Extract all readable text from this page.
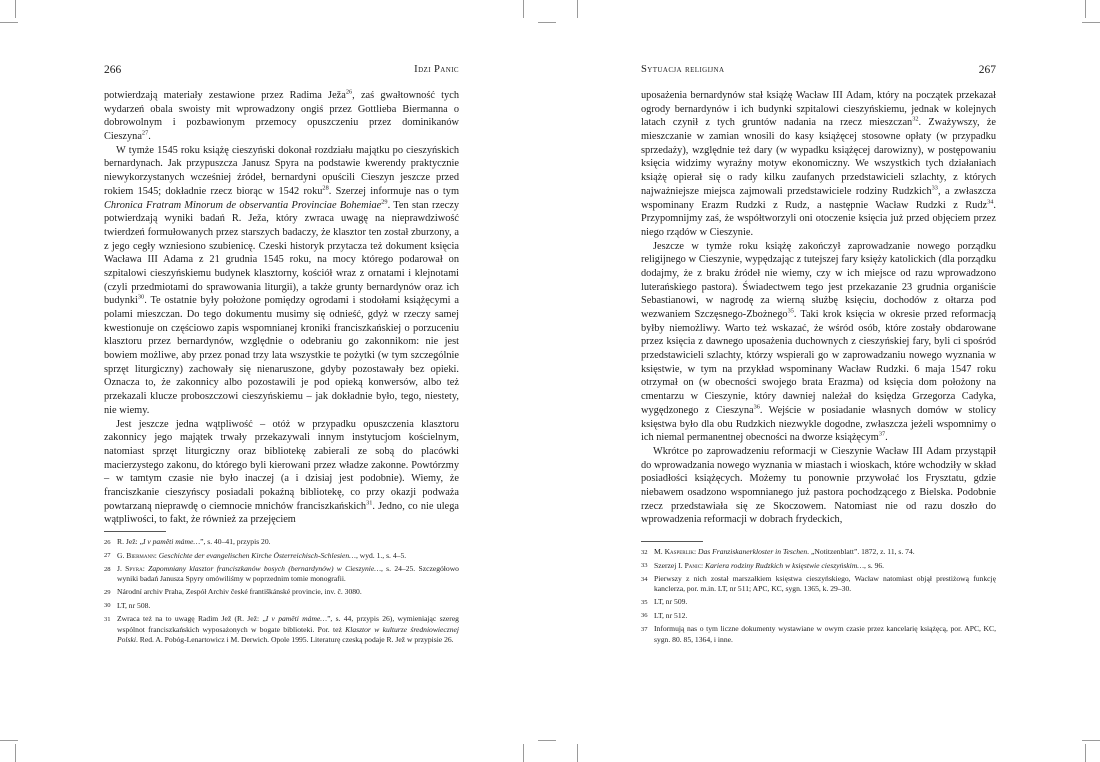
266	Idzi Panic

potwierdzają materiały zestawione przez Radima Ježa$^{26}$, zaś gwałtowność tych wydarzeń obala swoisty mit wprowadzony ongiś przez Gottlieba Biermanna o dobrowolnym i pozbawionym przemocy opuszczeniu przez dominikanów Cieszyna$^{27}$.

W tymże 1545 roku książę cieszyński dokonał rozdziału majątku po cieszyńskich bernardynach. Jak przypuszcza Janusz Spyra na podstawie kwerendy praktycznie niewykorzystanych wcześniej źródeł, bernardyni opuścili Cieszyn jeszcze przed rokiem 1545; dokładnie rzecz biorąc w 1542 roku$^{28}$. Szerzej informuje nas o tym Chronica Fratram Minorum de observantia Provinciae Bohemiae$^{29}$. Ten stan rzeczy potwierdzają wyniki badań R. Ježa, który zwraca uwagę na nieprawdziwość twierdzeń formułowanych przez starszych badaczy, że klasztor ten został zburzony, a z jego cegły wzniesiono szubienicę. Czeski historyk przytacza też dokument księcia Wacława III Adama z 21 grudnia 1545 roku, na mocy którego podarował on szpitalowi cieszyńskiemu budynek klasztorny, kościół wraz z ornatami i klejnotami (czyli przedmiotami do sprawowania liturgii), a także grunty bernardynów oraz ich budynki$^{30}$. Te ostatnie były położone pomiędzy ogrodami i stodołami książęcymi a polami mieszczan. Do tego dokumentu musimy się odnieść, gdyż w rzeczy samej kwestionuje on częściowo zapis wspomnianej kroniki franciszkańskiej o porzuceniu klasztoru przez bernardynów, względnie o odebraniu go zakonnikom: nie jest bowiem możliwe, aby przez ponad trzy lata wszystkie te pożytki (w tym szczególnie sprzęt liturgiczny) zachowały się nienaruszone, gdyby pozostawały bez opieki. Oznacza to, że zakonnicy albo pozostawili je pod opieką konwersów, albo też przekazali klucze proboszczowi cieszyńskiemu – jak dokładnie było, tego, niestety, nie wiemy.

Jest jeszcze jedna wątpliwość – otóż w przypadku opuszczenia klasztoru zakonnicy jego majątek trwały przekazywali innym instytucjom kościelnym, natomiast sprzęt liturgiczny oraz bibliotekę zabierali ze sobą do placówki macierzystego zakonu, do którego byli kierowani przez władze zakonne. Powtórzmy – w tamtym czasie nie było inaczej (a i dzisiaj jest podobnie). Wiemy, że franciszkanie cieszyńscy posiadali pokaźną bibliotekę, co przy okazji podważa powtarzaną nieprawdę o ciemnocie mnichów franciszkańskich$^{31}$. Jedno, co nie ulega wątpliwości, to fakt, że również za przejęciem

26 R. Jež: „I v paměti máme…”, s. 40–41, przypis 20.
27 G. Biermann: Geschichte der evangelischen Kirche Österreichisch-Schlesien…, wyd. 1., s. 4–5.
28 J. Spyra: Zapomniany klasztor franciszkanów bosych (bernardynów) w Cieszynie…, s. 24–25. Szczegółowo wyniki badań Janusza Spyry omówiliśmy w poprzednim tomie monografii.
29 Národní archiv Praha, Zespół Archiv české františkánské provincie, inv. č. 3080.
30 LT, nr 508.
31 Zwraca też na to uwagę Radim Jež (R. Jež: „I v paměti máme…”, s. 44, przypis 26), wymieniając szereg wspólnot franciszkańskich wyposażonych w bogate biblioteki. Por. też Klasztor w kulturze średniowiecznej Polski. Red. A. Pobóg-Lenartowicz i M. Derwich. Opole 1995. Literaturę czeską podaje R. Jež w przypisie 26.
Sytuacja religijna	267

uposażenia bernardynów stał książę Wacław III Adam, który na początek przekazał ogrody bernardynów i ich budynki szpitalowi cieszyńskiemu, jednak w kolejnych latach czynił z tych gruntów nadania na rzecz mieszczan$^{32}$. Zważywszy, że mieszczanie w zamian wnosili do kasy książęcej stosowne opłaty (w przypadku sprzedaży), względnie też dary (w wypadku książęcej darowizny), w postępowaniu księcia widzimy wyraźny motyw ekonomiczny. We wszystkich tych działaniach książę opierał się o rady kilku zaufanych przedstawicieli szlachty, z których najważniejsze miejsca zajmowali przedstawiciele rodziny Rudzkich$^{33}$, a zwłaszcza wspominany Erazm Rudzki z Rudz, a następnie Wacław Rudzki z Rudz$^{34}$. Przypomnijmy zaś, że współtworzyli oni otoczenie księcia już przed objęciem przez niego rządów w Cieszynie.

Jeszcze w tymże roku książę zakończył zaprowadzanie nowego porządku religijnego w Cieszynie, wypędzając z tutejszej fary księży katolickich (dla porządku dodajmy, że z braku źródeł nie wiemy, czy w ich miejsce od razu wprowadzono luterańskiego pastora). Świadectwem tego jest przekazanie 23 grudnia organiście Sebastianowi, w nagrodę za wierną służbę księciu, dochodów z ołtarza pod wezwaniem Szczęsnego-Zbożnego$^{35}$. Taki krok księcia w okresie przed reformacją byłby niemożliwy. Warto też wskazać, że wśród osób, które zostały obdarowane przez księcia z dawnego uposażenia duchownych z cieszyńskiej fary, byli ci spośród przedstawicieli szlachty, którzy wspierali go w zaprowadzaniu nowego wyznania w księstwie, w tym na przykład wspominany Wacław Rudzki. 6 maja 1547 roku otrzymał on (w obecności swojego brata Erazma) od księcia dom położony na cmentarzu w Cieszynie, który dawniej należał do księdza Grzegorza Cadyka, wygędzonego z Cieszyna$^{36}$. Wejście w posiadanie własnych domów w stolicy księstwa było dla obu Rudzkich niezwykle dogodne, zwłaszcza jeżeli wspomnimy o ich niemal permanentnej obecności na dworze książęcym$^{37}$.

Wkrótce po zaprowadzeniu reformacji w Cieszynie Wacław III Adam przystąpił do wprowadzania nowego wyznania w miastach i wioskach, które wchodziły w skład posiadłości książęcych. Możemy tu ponownie przywołać los Frysztatu, gdzie niebawem osadzono wspomnianego już pastora pochodzącego z Bielska. Podobnie rzecz przedstawiała się ze Skoczowem. Natomiast nie od razu doszło do wprowadzenia reformacji w dobrach frydeckich,

32 M. Kasperlik: Das Franziskanerkloster in Teschen. „Notitzenblatt”. 1872, z. 11, s. 74.
33 Szerzej I. Panic: Kariera rodziny Rudzkich w księstwie cieszyńskim…, s. 96.
34 Pierwszy z nich został marszałkiem księstwa cieszyńskiego, Wacław natomiast objął prestiżową funkcję kanclerza, por. m.in. LT, nr 511; APC, KC, sygn. 1365, k. 29–30.
35 LT, nr 509.
36 LT, nr 512.
37 Informują nas o tym liczne dokumenty wystawiane w owym czasie przez kancelarię książęcą, por. APC, KC, sygn. 80. 85, 1364, i inne.
